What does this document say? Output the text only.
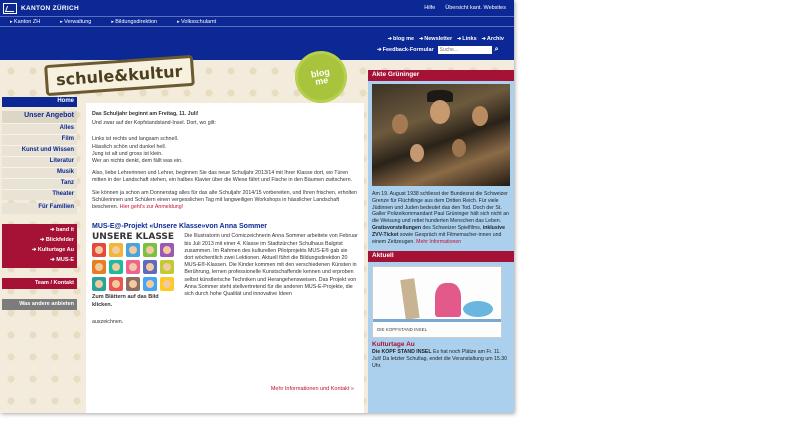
KANTON ZÜRICH	Hilfe Übersicht kant. Websites
▸ Kanton ZH	▸ Verwaltung	▸ Bildungsdirektion	▸ Volksschulamt
➔ blog me	➔ Newsletter	➔ Links	➔ Archiv
➔ Feedback-Formular
Suche...	⌕
schule&kultur	blog me
Home
Unser Angebot
Alles
Film
Kunst und Wissen
Literatur
Musik
Tanz
Theater
Für Familien
➔ band it
➔ Blickfelder
➔ Kulturtage Au
➔ MUS-E
Team / Kontakt
Was andere anbieten

Das Schuljahr beginnt am Freitag, 11. Juli!

Und zwar auf der Kopfstandstand-Insel. Dort, wo gilt:

Links ist rechts und langsam schnell.
Hässlich schön und dunkel hell.
Jung ist alt und gross ist klein.
Wer an nichts denkt, dem fällt was ein.

Also, liebe Lehrerinnen und Lehrer, beginnen Sie das neue Schuljahr 2013/14 mit Ihrer Klasse dort, wo Türen mitten in der Landschaft stehen, ein halbes Klavier über die Wiese fährt und Fische in den Bäumen zwitschern.

Sie können ja schon am Donnerstag alles für das alte Schuljahr 2014/15 vorbereiten, und Ihren frischen, erholten Schülerinnen und Schülern einen vergesslichen Tag mit langweiligen Workshops in hässlicher Landschaft bescheren. Hier geht's zur Anmeldung!

MUS-E@-Projekt «Unsere Klasse»von Anna Sommer
UNSERE KLASSE
Zum Blättern auf das Bild klicken.
Die Illustratorin und Comiczeichnerin Anna Sommer arbeitete von Februar bis Juli 2013 mit einer 4. Klasse im Stadtzürcher Schulhaus Balgrist zusammen. Im Rahmen des kulturellen Pilotprojekts MUS-E® gab sie dort wöchentlich zwei Lektionen. Aktuell führt die Bildungsdirektion 20 MUS-E®-Klassen. Die Kinder kommen mit den verschiedenen Künsten in Berührung, lernen professionelle Kunstschaffende kennen und erproben selbst künstlerische Techniken und Herangehensweisen. Das Projekt von Anna Sommer steht stellvertretend für die anderen MUS-E-Projekte, die sich durch hohe Qualität und innovative Ideen
auszeichnen.
Mehr Informationen und Kontakt »
Akte Grüninger
Am 19. August 1938 schliesst der Bundesrat die Schweizer Grenze für Flüchtlinge aus dem Dritten Reich. Für viele Jüdinnen und Juden bedeutet das den Tod. Doch der St. Galler Polizeikommandant Paul Grüninger hält sich nicht an die Weisung und rettet hunderten Menschen das Leben.
Gratisvorstellungen des Schweizer Spielfilms, inklusive ZVV-Ticket sowie Gespräch mit Filmemacher-innen und einem Zeitzeugen. Mehr Informationen
Aktuell
DIE KOPFSTAND INSEL
Kulturtage Au
Die KOPF STAND INSEL Es hat noch Plätze am Fr. 11. Juli! Da letzter Schultag, endet die Veranstaltung um 15.30 Uhr.
